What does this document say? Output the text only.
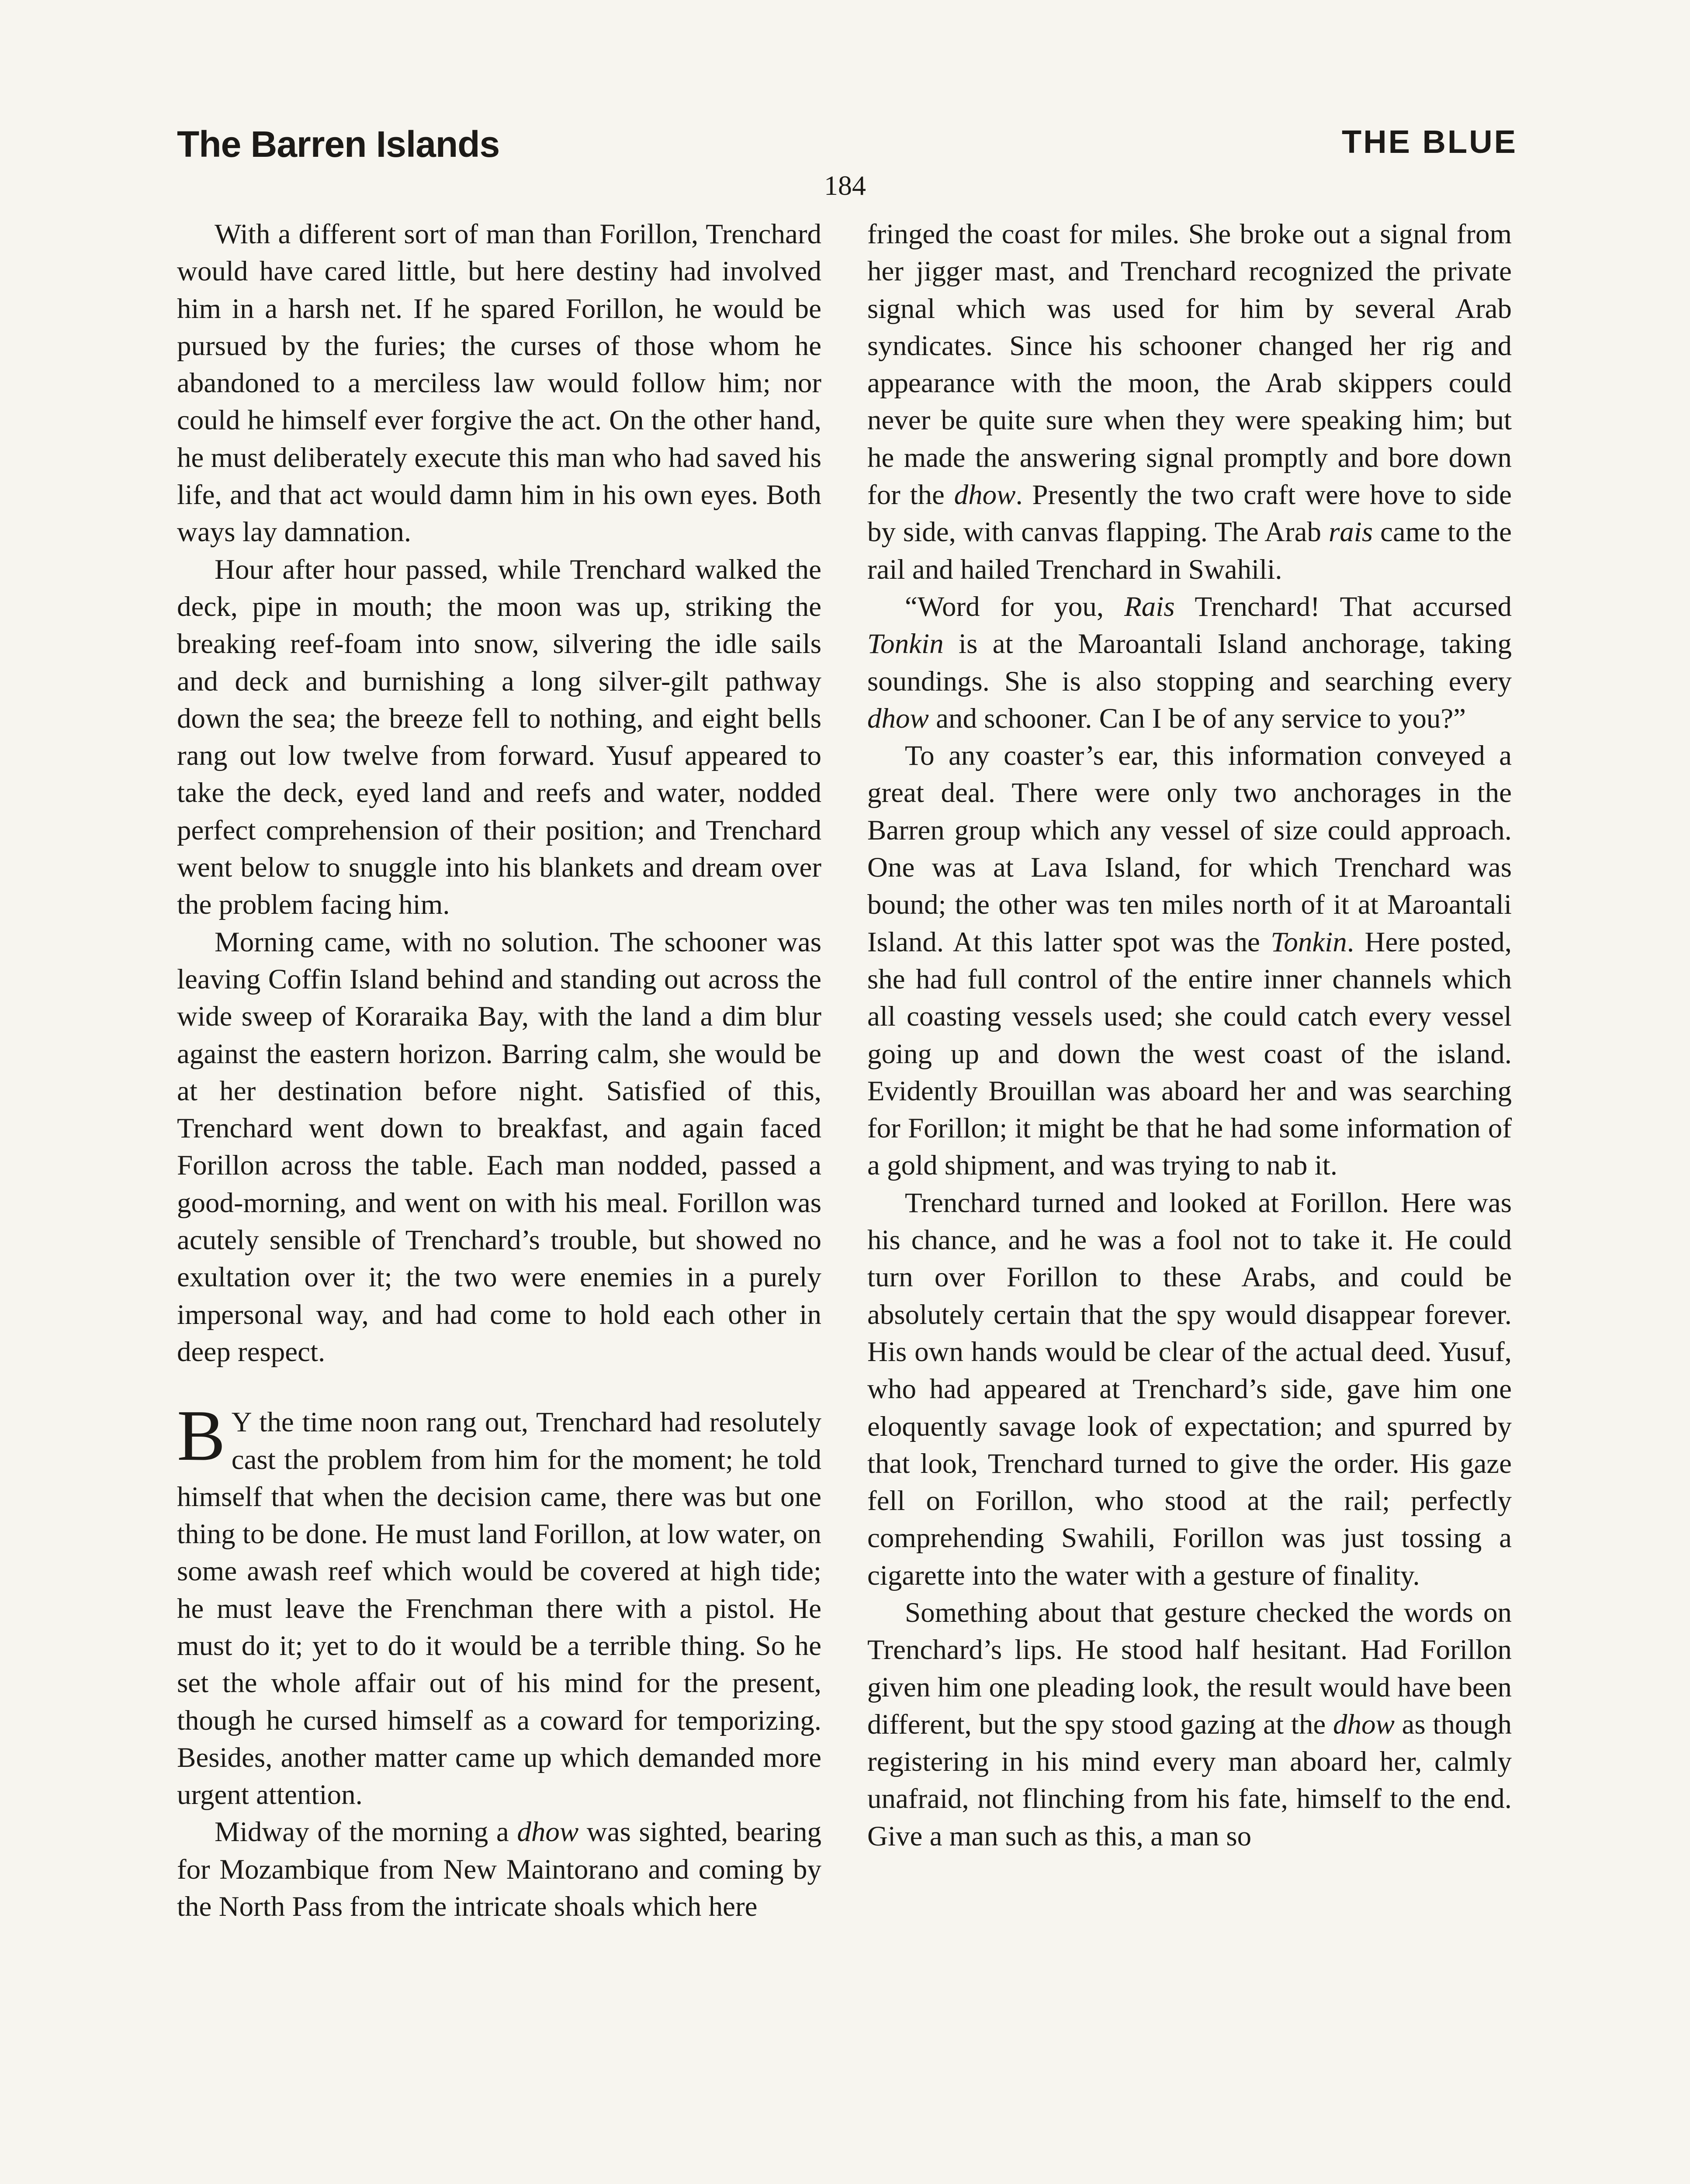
The Barren Islands	THE BLUE
184

With a different sort of man than Forillon, Trenchard would have cared little, but here destiny had involved him in a harsh net. If he spared Forillon, he would be pursued by the furies; the curses of those whom he abandoned to a merciless law would follow him; nor could he himself ever forgive the act. On the other hand, he must deliberately execute this man who had saved his life, and that act would damn him in his own eyes. Both ways lay damnation.

Hour after hour passed, while Trenchard walked the deck, pipe in mouth; the moon was up, striking the breaking reef-foam into snow, silvering the idle sails and deck and burnishing a long silver-gilt pathway down the sea; the breeze fell to nothing, and eight bells rang out low twelve from forward. Yusuf appeared to take the deck, eyed land and reefs and water, nodded perfect comprehension of their position; and Trenchard went below to snuggle into his blankets and dream over the problem facing him.

Morning came, with no solution. The schooner was leaving Coffin Island behind and standing out across the wide sweep of Koraraika Bay, with the land a dim blur against the eastern horizon. Barring calm, she would be at her destination before night. Satisfied of this, Trenchard went down to breakfast, and again faced Forillon across the table. Each man nodded, passed a good-morning, and went on with his meal. Forillon was acutely sensible of Trenchard’s trouble, but showed no exultation over it; the two were enemies in a purely impersonal way, and had come to hold each other in deep respect.

B Y the time noon rang out, Trenchard had resolutely cast the problem from him for the moment; he told himself that when the decision came, there was but one thing to be done. He must land Forillon, at low water, on some awash reef which would be covered at high tide; he must leave the Frenchman there with a pistol. He must do it; yet to do it would be a terrible thing. So he set the whole affair out of his mind for the present, though he cursed himself as a coward for temporizing. Besides, another matter came up which demanded more urgent attention.

Midway of the morning a dhow was sighted, bearing for Mozambique from New Maintorano and coming by the North Pass from the intricate shoals which here

fringed the coast for miles. She broke out a signal from her jigger mast, and Trenchard recognized the private signal which was used for him by several Arab syndicates. Since his schooner changed her rig and appearance with the moon, the Arab skippers could never be quite sure when they were speaking him; but he made the answering signal promptly and bore down for the dhow. Presently the two craft were hove to side by side, with canvas flapping. The Arab rais came to the rail and hailed Trenchard in Swahili.

“Word for you, Rais Trenchard! That accursed Tonkin is at the Maroantali Island anchorage, taking soundings. She is also stopping and searching every dhow and schooner. Can I be of any service to you?”

To any coaster’s ear, this information conveyed a great deal. There were only two anchorages in the Barren group which any vessel of size could approach. One was at Lava Island, for which Trenchard was bound; the other was ten miles north of it at Maroantali Island. At this latter spot was the Tonkin. Here posted, she had full control of the entire inner channels which all coasting vessels used; she could catch every vessel going up and down the west coast of the island. Evidently Brouillan was aboard her and was searching for Forillon; it might be that he had some information of a gold shipment, and was trying to nab it.

Trenchard turned and looked at Forillon. Here was his chance, and he was a fool not to take it. He could turn over Forillon to these Arabs, and could be absolutely certain that the spy would disappear forever. His own hands would be clear of the actual deed. Yusuf, who had appeared at Trenchard’s side, gave him one eloquently savage look of expectation; and spurred by that look, Trenchard turned to give the order. His gaze fell on Forillon, who stood at the rail; perfectly comprehending Swahili, Forillon was just tossing a cigarette into the water with a gesture of finality.

Something about that gesture checked the words on Trenchard’s lips. He stood half hesitant. Had Forillon given him one pleading look, the result would have been different, but the spy stood gazing at the dhow as though registering in his mind every man aboard her, calmly unafraid, not flinching from his fate, himself to the end. Give a man such as this, a man so
